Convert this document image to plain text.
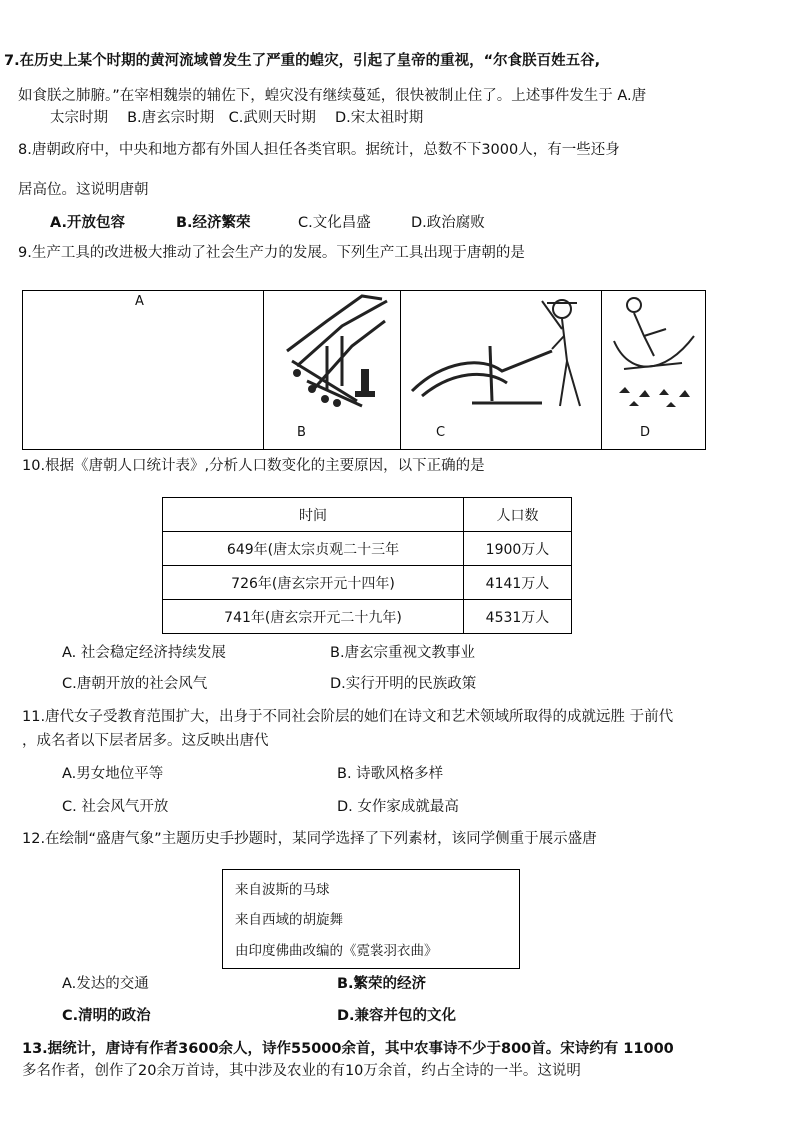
7.在历史上某个时期的黄河流域曾发生了严重的蝗灾，引起了皇帝的重视，“尔食朕百姓五谷,
如食朕之肺腑。”在宰相魏崇的辅佐下，蝗灾没有继续蔓延，很快被制止住了。上述事件发生于 A.唐
太宗时期　 B.唐玄宗时期　C.武则天时期　 D.宋太祖时期
8.唐朝政府中，中央和地方都有外国人担任各类官职。据统计，总数不下3000人，有一些还身
居高位。这说明唐朝
A.开放包容	B.经济繁荣	C.文化昌盛	D.政治腐败
9.生产工具的改进极大推动了社会生产力的发展。下列生产工具出现于唐朝的是
A
B	C	D
10.根据《唐朝人口统计表》,分析人口数变化的主要原因，以下正确的是
时间	人口数
649年(唐太宗贞观二十三年	1900万人
726年(唐玄宗开元十四年)	4141万人
741年(唐玄宗开元二十九年)	4531万人
A. 社会稳定经济持续发展	B.唐玄宗重视文教事业
C.唐朝开放的社会风气	D.实行开明的民族政策
11.唐代女子受教育范围扩大，出身于不同社会阶层的她们在诗文和艺术领域所取得的成就远胜 于前代
，成名者以下层者居多。这反映出唐代
A.男女地位平等	B. 诗歌风格多样
C. 社会风气开放	D. 女作家成就最高
12.在绘制“盛唐气象”主题历史手抄题时，某同学选择了下列素材，该同学侧重于展示盛唐
来自波斯的马球
来自西域的胡旋舞
由印度佛曲改编的《霓裳羽衣曲》
A.发达的交通	B.繁荣的经济
C.清明的政治	D.兼容并包的文化
13.据统计，唐诗有作者3600余人，诗作55000余首，其中农事诗不少于800首。宋诗约有 11000
多名作者，创作了20余万首诗，其中涉及农业的有10万余首，约占全诗的一半。这说明
